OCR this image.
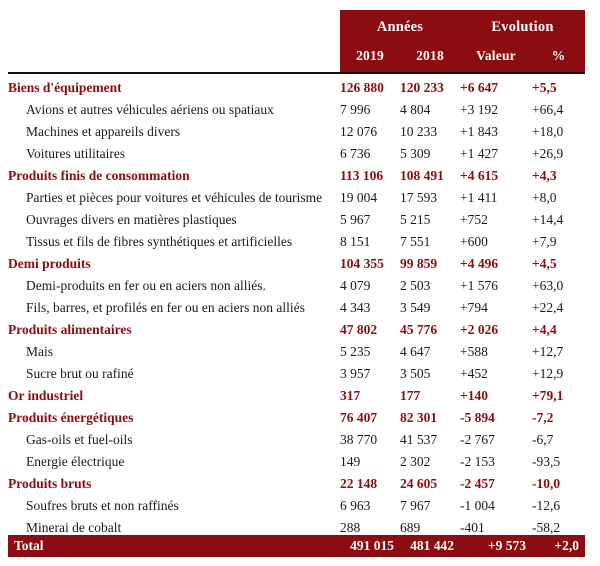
Années	Evolution
2019	2018	Valeur	%
Biens d'équipement	126 880	120 233	+6 647	+5,5
Avions et autres véhicules aériens ou spatiaux	7 996	4 804	+3 192	+66,4
Machines et appareils divers	12 076	10 233	+1 843	+18,0
Voitures utilitaires	6 736	5 309	+1 427	+26,9
Produits finis de consommation	113 106	108 491	+4 615	+4,3
Parties et pièces pour voitures et véhicules de tourisme	19 004	17 593	+1 411	+8,0
Ouvrages divers en matières plastiques	5 967	5 215	+752	+14,4
Tissus et fils de fibres synthétiques et artificielles	8 151	7 551	+600	+7,9
Demi produits	104 355	99 859	+4 496	+4,5
Demi-produits en fer ou en aciers non alliés.	4 079	2 503	+1 576	+63,0
Fils, barres, et profilés en fer ou en aciers non alliés	4 343	3 549	+794	+22,4
Produits alimentaires	47 802	45 776	+2 026	+4,4
Mais	5 235	4 647	+588	+12,7
Sucre brut ou rafiné	3 957	3 505	+452	+12,9
Or industriel	317	177	+140	+79,1
Produits énergétiques	76 407	82 301	-5 894	-7,2
Gas-oils et fuel-oils	38 770	41 537	-2 767	-6,7
Energie électrique	149	2 302	-2 153	-93,5
Produits bruts	22 148	24 605	-2 457	-10,0
Soufres bruts et non raffinés	6 963	7 967	-1 004	-12,6
Minerai de cobalt	288	689	-401	-58,2
Total	491 015	481 442	+9 573	+2,0
